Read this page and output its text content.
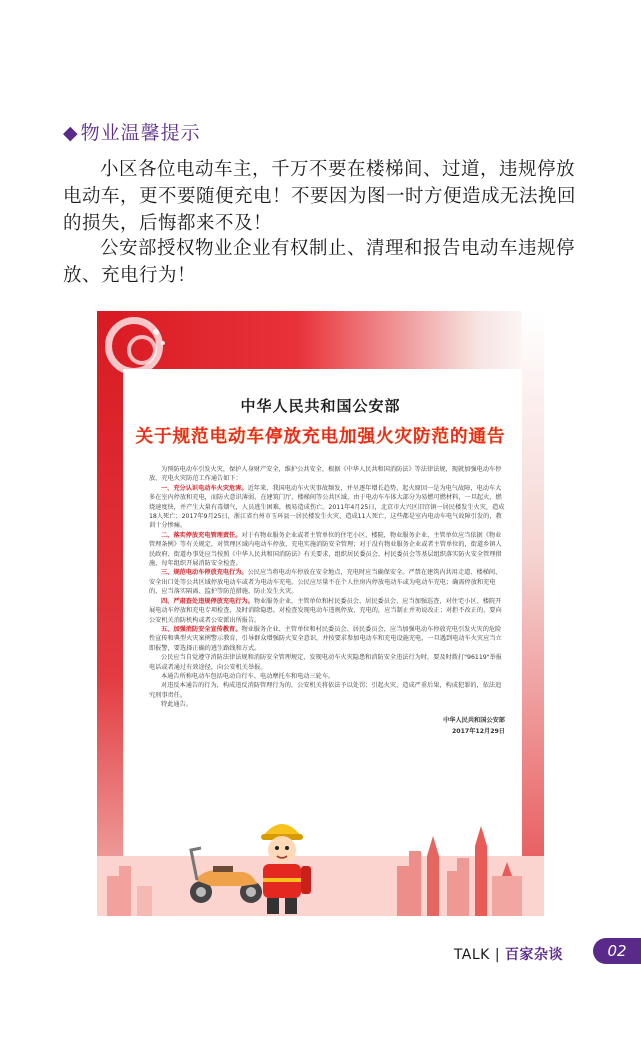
◆ 物业温馨提示

小区各位电动车主，千万不要在楼梯间、过道，违规停放电动车，更不要随便充电！不要因为图一时方便造成无法挽回的损失，后悔都来不及！

公安部授权物业企业有权制止、清理和报告电动车违规停放、充电行为！

中华人民共和国公安部
关于规范电动车停放充电加强火灾防范的通告

为预防电动车引发火灾，保护人身财产安全，维护公共安全，根据《中华人民共和国消防法》等法律法规，现就加强电动车停放、充电火灾防范工作通告如下：

一、充分认识电动车火灾危害。近年来，我国电动车火灾事故频发，并呈逐年增长趋势，起火原因一是为电气故障，电动车大多在室内停放和充电，而防火意识薄弱，在建筑门厅、楼梯间等公共区域、由于电动车车体大部分为易燃可燃材料，一旦起火，燃烧速度快，并产生大量有毒烟气，人员逃生困难，极易造成伤亡。2011年4月25日，北京市大兴区旧宫镇一居民楼发生火灾，造成18人死亡；2017年9月25日，浙江省台州市玉环县一居民楼发生火灾，造成11人死亡，这些都是室内电动车电气故障引发的，教训十分惨痛。

二、落实停放充电管理责任。对于有物业服务企业或者主管单位的住宅小区、楼院，物业服务企业、主管单位应当依据《物业管理条例》等有关规定，对管理区域内电动车停放、充电实施消防安全管理；对于没有物业服务企业或者主管单位的，街道乡镇人民政府、街道办事处应当按照《中华人民共和国消防法》有关要求，组织居民委员会、村民委员会等基层组织落实防火安全管理措施，每年组织开展消防安全检查。

三、规范电动车停放充电行为。公民应当将电动车停放在安全地点，充电时应当确保安全。严禁在建筑内共用走道、楼梯间、安全出口处等公共区域停放电动车或者为电动车充电。公民应尽量不在个人住房内停放电动车或为电动车充电；确需停放和充电的，应当落实隔离、监护等防范措施，防止发生火灾。

四、严肃查处违规停放充电行为。物业服务企业、主管单位和村民委员会、居民委员会，应当加强巡查，对住宅小区、楼院开展电动车停放和充电专项检查，及时消除隐患。对检查发现电动车违规停放、充电的，应当制止并劝说改正；对拒不改正的，要向公安机关消防机构或者公安派出所报告。

五、加强消防安全宣传教育。物业服务企业、主管单位和村民委员会、居民委员会，应当加强电动车停放充电引发火灾的危险性宣传和典型火灾案例警示教育，引导群众增强防火安全意识，并按要求参加电动车和充电设施充电，一旦遇到电动车火灾应当立即报警，要选择正确的逃生路线和方式。

公民应当自觉遵守消防法律法规和消防安全管理规定，发现电动车火灾隐患和消防安全违法行为时，要及时拨打"96119"举报电话或者通过有效途径，向公安机关举报。

本通告所称电动车包括电动自行车、电动摩托车和电动三轮车。

对违反本通告的行为，构成违反消防管理行为的，公安机关将依法予以处罚；引起火灾、造成严重后果，构成犯罪的，依法追究刑事责任。

特此通告。

中华人民共和国公安部

2017年12月29日

TALK | 百家杂谈	02
